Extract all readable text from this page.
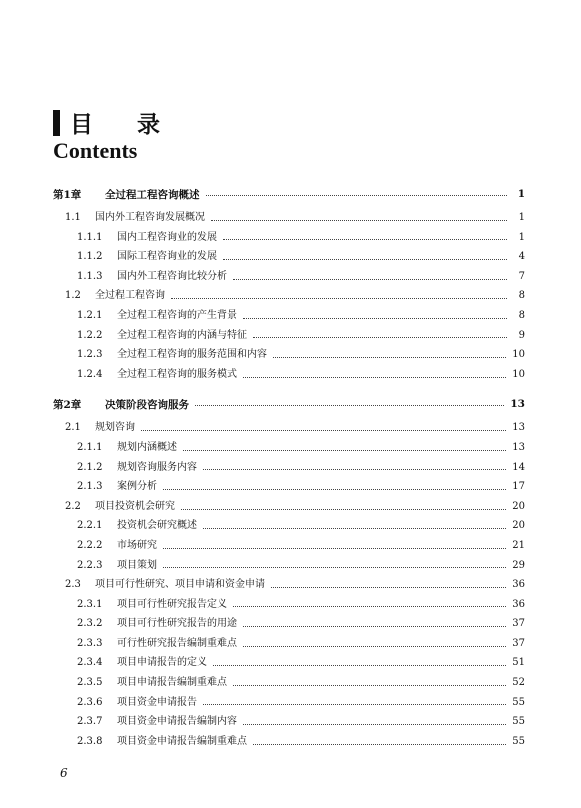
目 录
Contents
第1章	全过程工程咨询概述	1
1.1	国内外工程咨询发展概况	1
1.1.1	国内工程咨询业的发展	1
1.1.2	国际工程咨询业的发展	4
1.1.3	国内外工程咨询比较分析	7
1.2	全过程工程咨询	8
1.2.1	全过程工程咨询的产生背景	8
1.2.2	全过程工程咨询的内涵与特征	9
1.2.3	全过程工程咨询的服务范围和内容	10
1.2.4	全过程工程咨询的服务模式	10
第2章	决策阶段咨询服务	13
2.1	规划咨询	13
2.1.1	规划内涵概述	13
2.1.2	规划咨询服务内容	14
2.1.3	案例分析	17
2.2	项目投资机会研究	20
2.2.1	投资机会研究概述	20
2.2.2	市场研究	21
2.2.3	项目策划	29
2.3	项目可行性研究、项目申请和资金申请	36
2.3.1	项目可行性研究报告定义	36
2.3.2	项目可行性研究报告的用途	37
2.3.3	可行性研究报告编制重难点	37
2.3.4	项目申请报告的定义	51
2.3.5	项目申请报告编制重难点	52
2.3.6	项目资金申请报告	55
2.3.7	项目资金申请报告编制内容	55
2.3.8	项目资金申请报告编制重难点	55
6
